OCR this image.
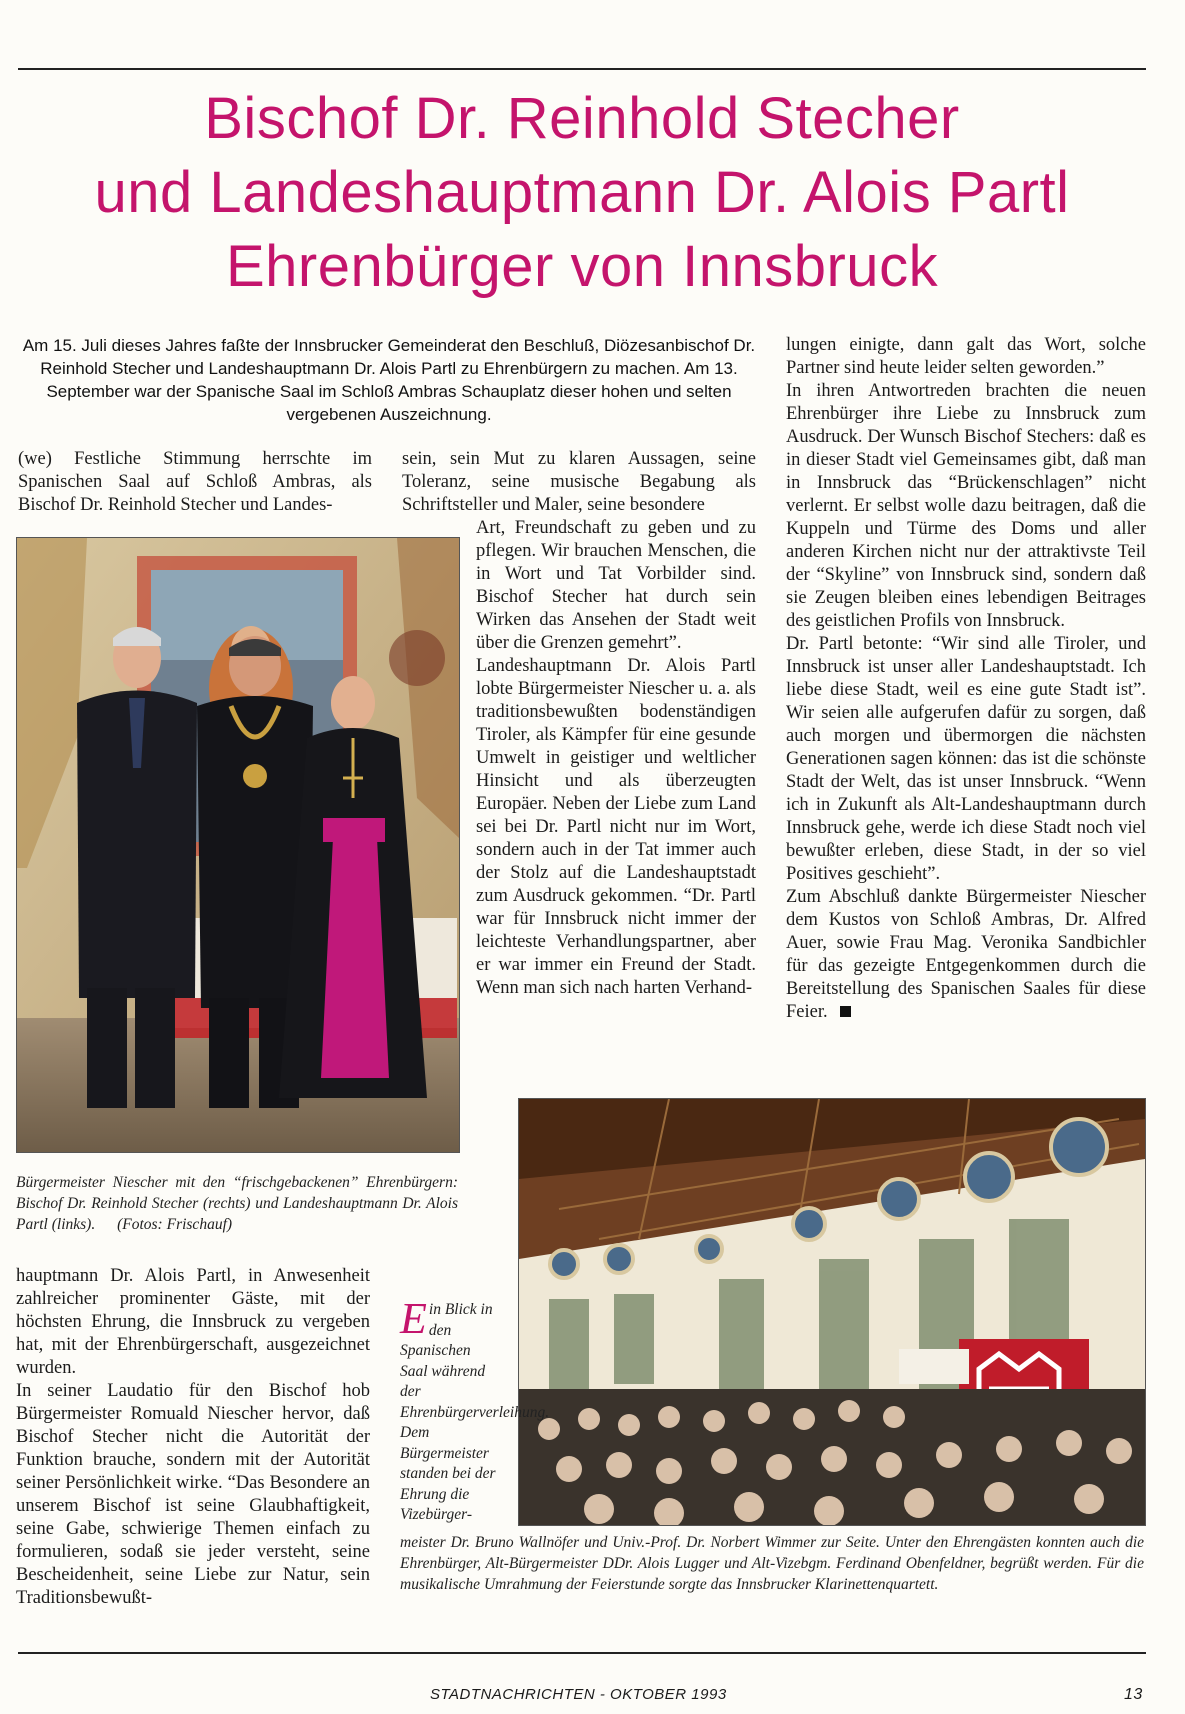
Bischof Dr. Reinhold Stecher
und Landeshauptmann Dr. Alois Partl
Ehrenbürger von Innsbruck
Am 15. Juli dieses Jahres faßte der Innsbrucker Gemeinderat den Beschluß, Diözesanbischof Dr. Reinhold Stecher und Landeshauptmann Dr. Alois Partl zu Ehrenbürgern zu machen. Am 13. September war der Spanische Saal im Schloß Ambras Schauplatz dieser hohen und selten vergebenen Auszeichnung.

(we) Festliche Stimmung herrschte im Spanischen Saal auf Schloß Ambras, als Bischof Dr. Reinhold Stecher und Landes-

sein, sein Mut zu klaren Aussagen, seine Toleranz, seine musische Begabung als Schriftsteller und Maler, seine besondere

Bürgermeister Niescher mit den “frischgebackenen” Ehrenbürgern: Bischof Dr. Reinhold Stecher (rechts) und Landeshauptmann Dr. Alois Partl (links). (Fotos: Frischauf)

Art, Freundschaft zu geben und zu pflegen. Wir brauchen Menschen, die in Wort und Tat Vorbilder sind. Bischof Stecher hat durch sein Wirken das Ansehen der Stadt weit über die Grenzen gemehrt”.

Landeshauptmann Dr. Alois Partl lobte Bürgermeister Niescher u. a. als traditionsbewußten bodenständigen Tiroler, als Kämpfer für eine gesunde Umwelt in geistiger und weltlicher Hinsicht und als überzeugten Europäer. Neben der Liebe zum Land sei bei Dr. Partl nicht nur im Wort, sondern auch in der Tat immer auch der Stolz auf die Landeshauptstadt zum Ausdruck gekommen. “Dr. Partl war für Innsbruck nicht immer der leichteste Verhandlungspartner, aber er war immer ein Freund der Stadt. Wenn man sich nach harten Verhand-

lungen einigte, dann galt das Wort, solche Partner sind heute leider selten geworden.”

In ihren Antwortreden brachten die neuen Ehrenbürger ihre Liebe zu Innsbruck zum Ausdruck. Der Wunsch Bischof Stechers: daß es in dieser Stadt viel Gemeinsames gibt, daß man in Innsbruck das “Brückenschlagen” nicht verlernt. Er selbst wolle dazu beitragen, daß die Kuppeln und Türme des Doms und aller anderen Kirchen nicht nur der attraktivste Teil der “Skyline” von Innsbruck sind, sondern daß sie Zeugen bleiben eines lebendigen Beitrages des geistlichen Profils von Innsbruck.

Dr. Partl betonte: “Wir sind alle Tiroler, und Innsbruck ist unser aller Landeshauptstadt. Ich liebe diese Stadt, weil es eine gute Stadt ist”. Wir seien alle aufgerufen dafür zu sorgen, daß auch morgen und übermorgen die nächsten Generationen sagen können: das ist die schönste Stadt der Welt, das ist unser Innsbruck. “Wenn ich in Zukunft als Alt-Landeshauptmann durch Innsbruck gehe, werde ich diese Stadt noch viel bewußter erleben, diese Stadt, in der so viel Positives geschieht”.

Zum Abschluß dankte Bürgermeister Niescher dem Kustos von Schloß Ambras, Dr. Alfred Auer, sowie Frau Mag. Veronika Sandbichler für das gezeigte Entgegenkommen durch die Bereitstellung des Spanischen Saales für diese Feier.

hauptmann Dr. Alois Partl, in Anwesenheit zahlreicher prominenter Gäste, mit der höchsten Ehrung, die Innsbruck zu vergeben hat, mit der Ehrenbürgerschaft, ausgezeichnet wurden.

In seiner Laudatio für den Bischof hob Bürgermeister Romuald Niescher hervor, daß Bischof Stecher nicht die Autorität der Funktion brauche, sondern mit der Autorität seiner Persönlichkeit wirke. “Das Besondere an unserem Bischof ist seine Glaubhaftigkeit, seine Gabe, schwierige Themen einfach zu formulieren, sodaß sie jeder versteht, seine Bescheidenheit, seine Liebe zur Natur, sein Traditionsbewußt-

Ein Blick in den Spanischen Saal während der Ehrenbürgerverleihung. Dem Bürgermeister standen bei der Ehrung die Vizebürger-
meister Dr. Bruno Wallnöfer und Univ.-Prof. Dr. Norbert Wimmer zur Seite. Unter den Ehrengästen konnten auch die Ehrenbürger, Alt-Bürgermeister DDr. Alois Lugger und Alt-Vizebgm. Ferdinand Obenfeldner, begrüßt werden. Für die musikalische Umrahmung der Feierstunde sorgte das Innsbrucker Klarinettenquartett.
STADTNACHRICHTEN - OKTOBER 1993	13
